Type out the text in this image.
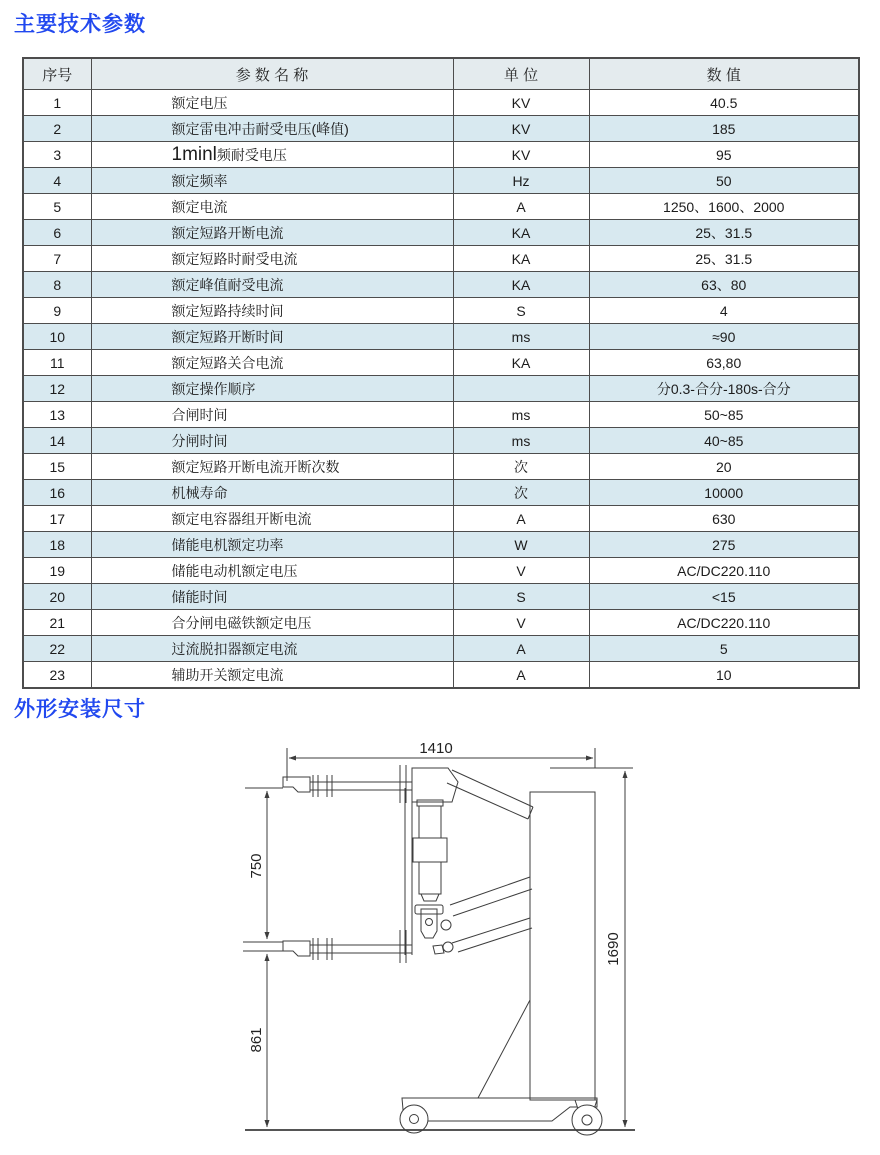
主要技术参数
序号	参 数 名 称	单 位	数 值
1	额定电压	KV	40.5
2	额定雷电冲击耐受电压(峰值)	KV	185
3	1minl频耐受电压	KV	95
4	额定频率	Hz	50
5	额定电流	A	1250、1600、2000
6	额定短路开断电流	KA	25、31.5
7	额定短路时耐受电流	KA	25、31.5
8	额定峰值耐受电流	KA	63、80
9	额定短路持续时间	S	4
10	额定短路开断时间	ms	≈90
11	额定短路关合电流	KA	63,80
12	额定操作顺序		分0.3-合分-180s-合分
13	合闸时间	ms	50~85
14	分闸时间	ms	40~85
15	额定短路开断电流开断次数	次	20
16	机械寿命	次	10000
17	额定电容器组开断电流	A	630
18	储能电机额定功率	W	275
19	储能电动机额定电压	V	AC/DC220.110
20	储能时间	S	<15
21	合分闸电磁铁额定电压	V	AC/DC220.110
22	过流脱扣器额定电流	A	5
23	辅助开关额定电流	A	10
外形安装尺寸
1410
750
861
1690
